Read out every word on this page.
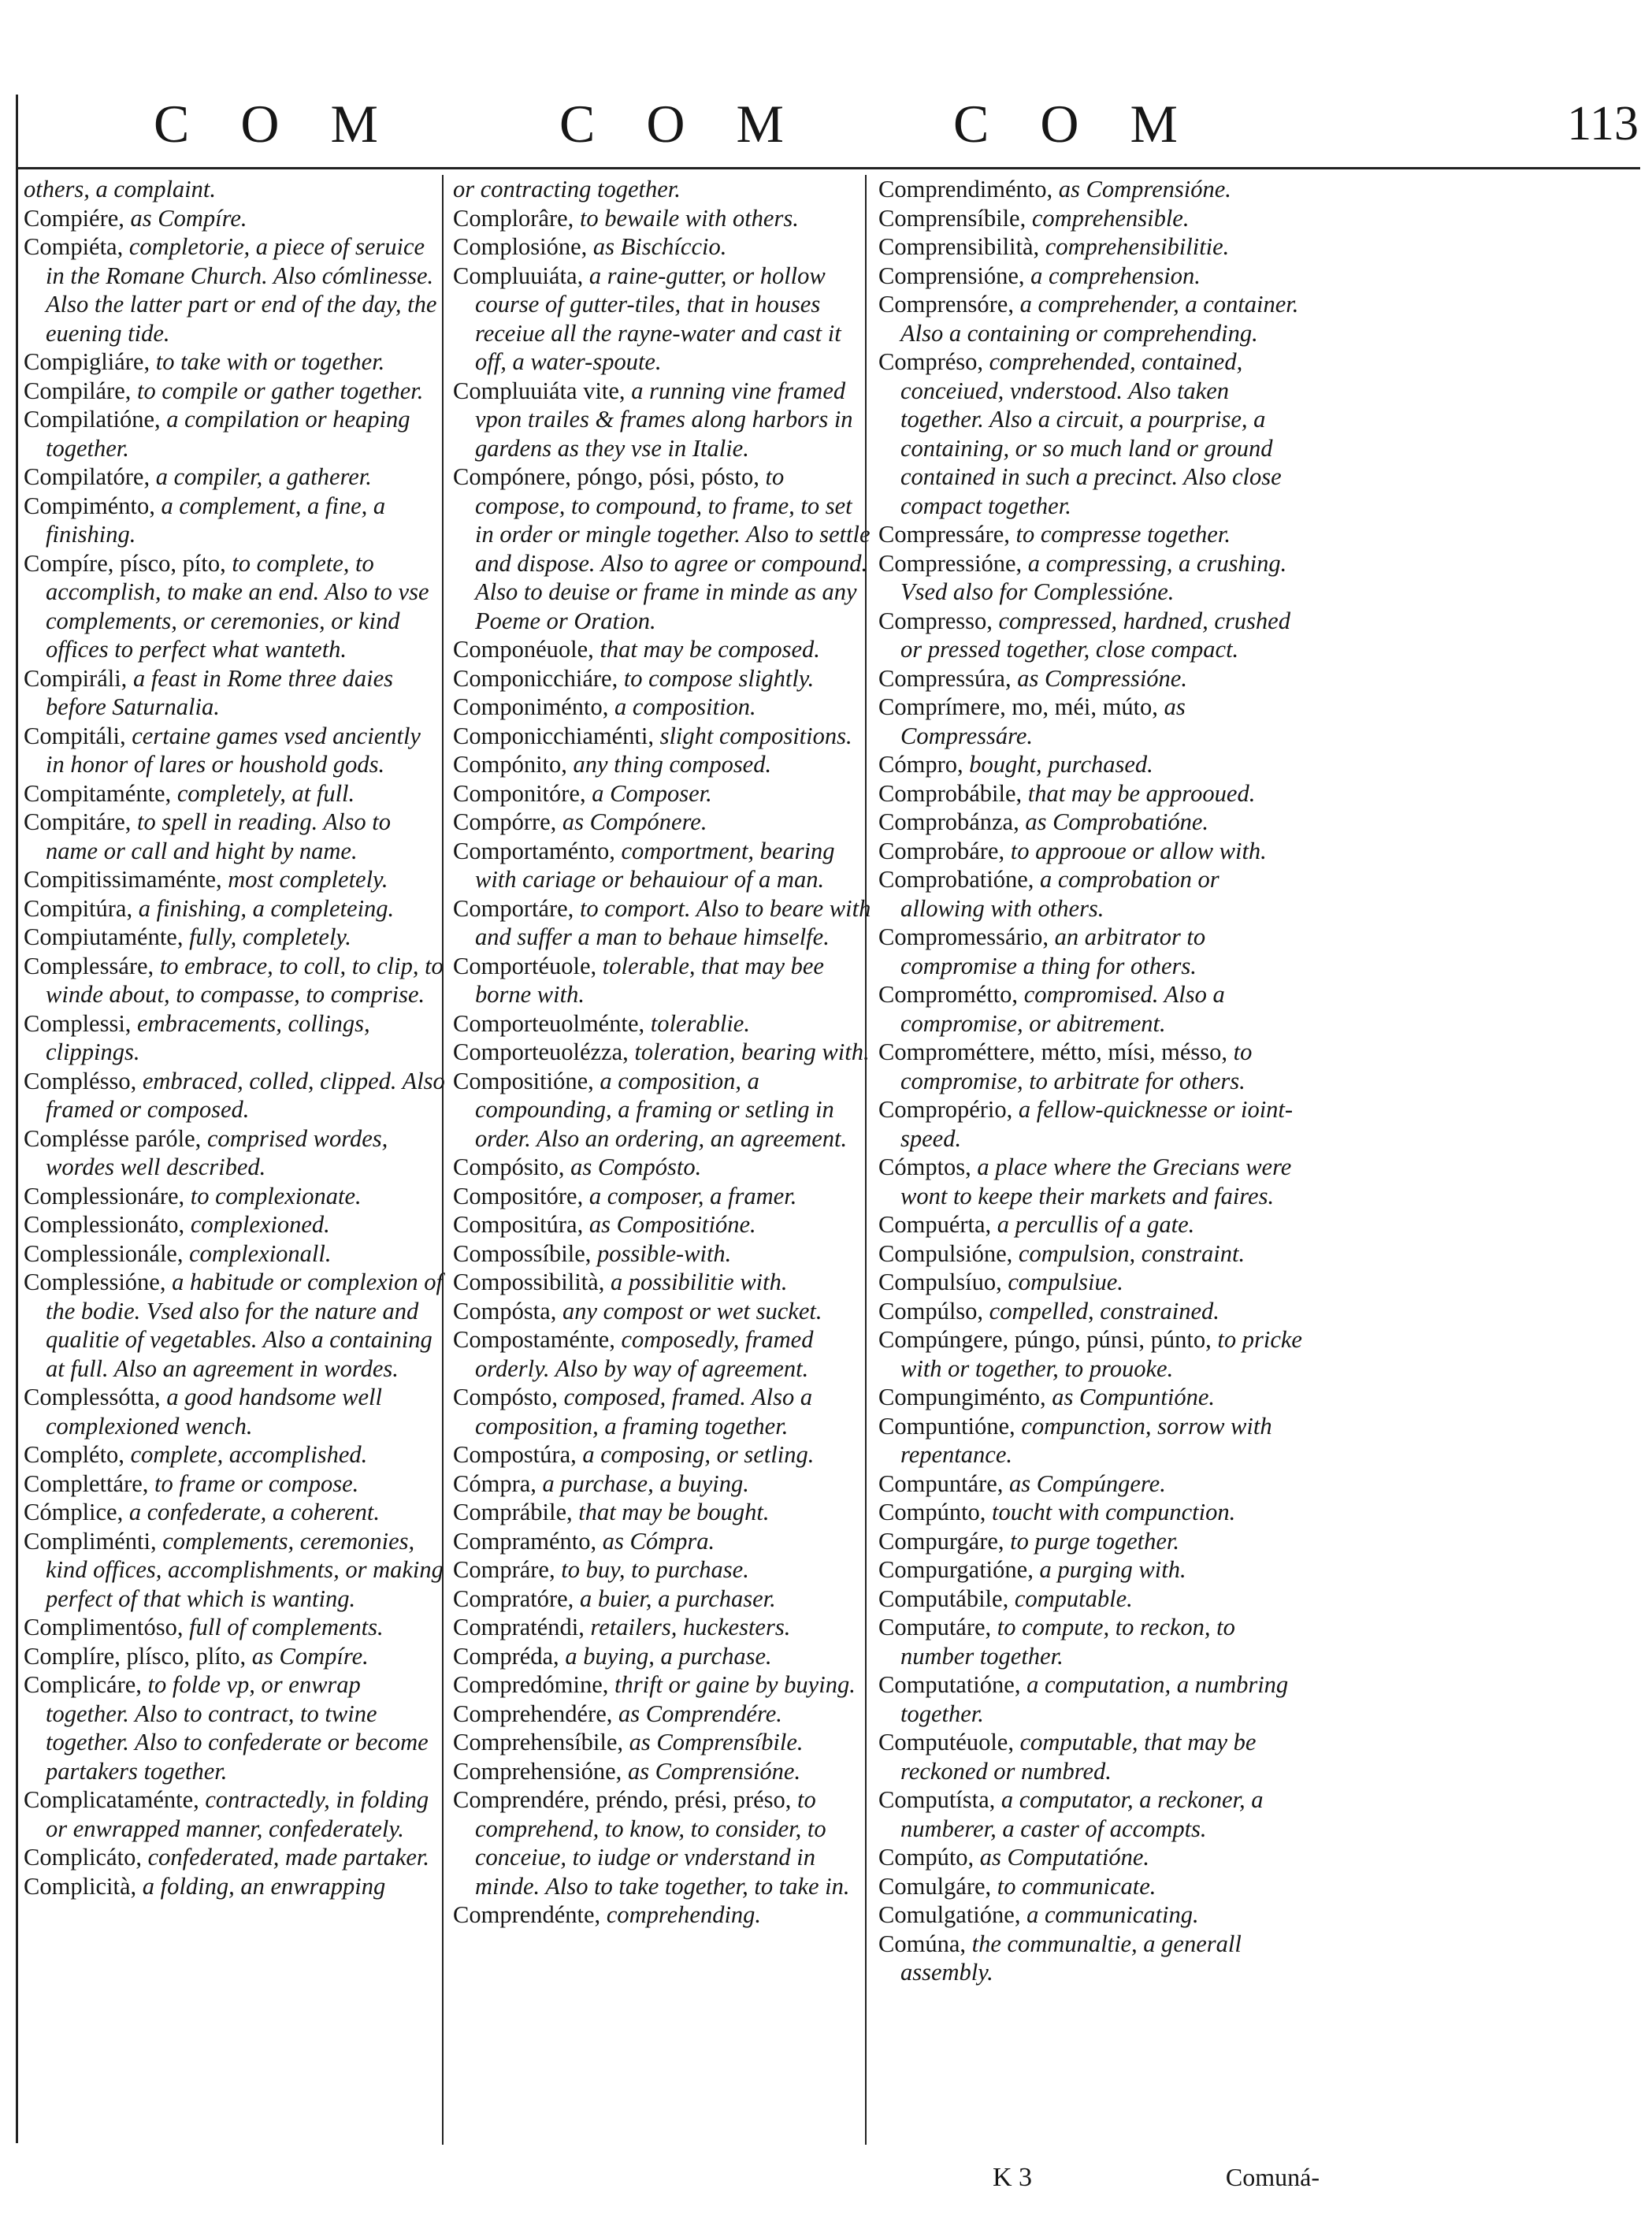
C O M	C O M	C O M	113

others, a complaint.

Compiére, as Compíre.

Compiéta, completorie, a piece of seruice in the Romane Church. Also cómlinesse. Also the latter part or end of the day, the euening tide.

Compigliáre, to take with or together.

Compiláre, to compile or gather together.

Compilatióne, a compilation or heaping together.

Compilatóre, a compiler, a gatherer.

Compiménto, a complement, a fine, a finishing.

Compíre, písco, píto, to complete, to accomplish, to make an end. Also to vse complements, or ceremonies, or kind offices to perfect what wanteth.

Compiráli, a feast in Rome three daies before Saturnalia.

Compitáli, certaine games vsed anciently in honor of lares or houshold gods.

Compitaménte, completely, at full.

Compitáre, to spell in reading. Also to name or call and hight by name.

Compitissimaménte, most completely.

Compitúra, a finishing, a completeing.

Compiutaménte, fully, completely.

Complessáre, to embrace, to coll, to clip, to winde about, to compasse, to comprise.

Complessi, embracements, collings, clippings.

Complésso, embraced, colled, clipped. Also framed or composed.

Complésse paróle, comprised wordes, wordes well described.

Complessionáre, to complexionate.

Complessionáto, complexioned.

Complessionále, complexionall.

Complessióne, a habitude or complexion of the bodie. Vsed also for the nature and qualitie of vegetables. Also a containing at full. Also an agreement in wordes.

Complessótta, a good handsome well complexioned wench.

Compléto, complete, accomplished.

Complettáre, to frame or compose.

Cómplice, a confederate, a coherent.

Compliménti, complements, ceremonies, kind offices, accomplishments, or making perfect of that which is wanting.

Complimentóso, full of complements.

Complíre, plísco, plíto, as Compíre.

Complicáre, to folde vp, or enwrap together. Also to contract, to twine together. Also to confederate or become partakers together.

Complicataménte, contractedly, in folding or enwrapped manner, confederately.

Complicáto, confederated, made partaker.

Complicità, a folding, an enwrapping

or contracting together.

Complorâre, to bewaile with others.

Complosióne, as Bischíccio.

Compluuiáta, a raine-gutter, or hollow course of gutter-tiles, that in houses receiue all the rayne-water and cast it off, a water-spoute.

Compluuiáta vite, a running vine framed vpon trailes & frames along harbors in gardens as they vse in Italie.

Compónere, póngo, pósi, pósto, to compose, to compound, to frame, to set in order or mingle together. Also to settle and dispose. Also to agree or compound. Also to deuise or frame in minde as any Poeme or Oration.

Componéuole, that may be composed.

Componicchiáre, to compose slightly.

Componiménto, a composition.

Componicchiaménti, slight compositions.

Compónito, any thing composed.

Componitóre, a Composer.

Compórre, as Compónere.

Comportaménto, comportment, bearing with cariage or behauiour of a man.

Comportáre, to comport. Also to beare with and suffer a man to behaue himselfe.

Comportéuole, tolerable, that may bee borne with.

Comporteuolménte, tolerablie.

Comporteuolézza, toleration, bearing with.

Compositióne, a composition, a compounding, a framing or setling in order. Also an ordering, an agreement.

Compósito, as Compósto.

Compositóre, a composer, a framer.

Compositúra, as Compositióne.

Compossíbile, possible-with.

Compossibilità, a possibilitie with.

Compósta, any compost or wet sucket.

Compostaménte, composedly, framed orderly. Also by way of agreement.

Compósto, composed, framed. Also a composition, a framing together.

Compostúra, a composing, or setling.

Cómpra, a purchase, a buying.

Comprábile, that may be bought.

Compraménto, as Cómpra.

Compráre, to buy, to purchase.

Compratóre, a buier, a purchaser.

Compraténdi, retailers, huckesters.

Compréda, a buying, a purchase.

Compredómine, thrift or gaine by buying.

Comprehendére, as Comprendére.

Comprehensíbile, as Comprensíbile.

Comprehensióne, as Comprensióne.

Comprendére, préndo, prési, préso, to comprehend, to know, to consider, to conceiue, to iudge or vnderstand in minde. Also to take together, to take in.

Comprendénte, comprehending.

Comprendiménto, as Comprensióne.

Comprensíbile, comprehensible.

Comprensibilità, comprehensibilitie.

Comprensióne, a comprehension.

Comprensóre, a comprehender, a container. Also a containing or comprehending.

Compréso, comprehended, contained, conceiued, vnderstood. Also taken together. Also a circuit, a pourprise, a containing, or so much land or ground contained in such a precinct. Also close compact together.

Compressáre, to compresse together.

Compressióne, a compressing, a crushing. Vsed also for Complessióne.

Compresso, compressed, hardned, crushed or pressed together, close compact.

Compressúra, as Compressióne.

Comprímere, mo, méi, múto, as Compressáre.

Cómpro, bought, purchased.

Comprobábile, that may be approoued.

Comprobánza, as Comprobatióne.

Comprobáre, to approoue or allow with.

Comprobatióne, a comprobation or allowing with others.

Compromessário, an arbitrator to compromise a thing for others.

Comprométto, compromised. Also a compromise, or abitrement.

Comprométtere, métto, mísi, mésso, to compromise, to arbitrate for others.

Compropério, a fellow-quicknesse or ioint-speed.

Cómptos, a place where the Grecians were wont to keepe their markets and faires.

Compuérta, a percullis of a gate.

Compulsióne, compulsion, constraint.

Compulsíuo, compulsiue.

Compúlso, compelled, constrained.

Compúngere, púngo, púnsi, púnto, to pricke with or together, to prouoke.

Compungiménto, as Compuntióne.

Compuntióne, compunction, sorrow with repentance.

Compuntáre, as Compúngere.

Compúnto, toucht with compunction.

Compurgáre, to purge together.

Compurgatióne, a purging with.

Computábile, computable.

Computáre, to compute, to reckon, to number together.

Computatióne, a computation, a numbring together.

Computéuole, computable, that may be reckoned or numbred.

Computísta, a computator, a reckoner, a numberer, a caster of accompts.

Compúto, as Computatióne.

Comulgáre, to communicate.

Comulgatióne, a communicating.

Comúna, the communaltie, a generall assembly.

K 3	Comuná-
